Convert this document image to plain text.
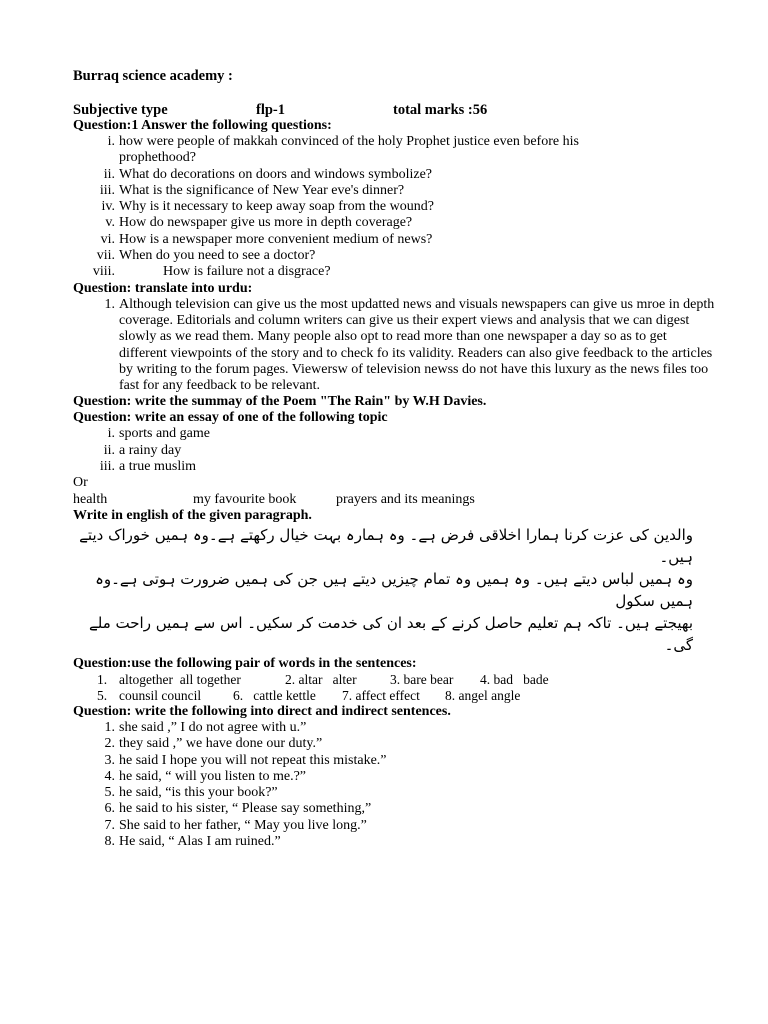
Burraq science academy :

Subjective type	flp-1	total marks :56

Question:1 Answer the following questions:

i. how were people of makkah convinced of the holy Prophet justice even before his prophethood?
ii. What do decorations on doors and windows symbolize?
iii. What is the significance of New Year eve's dinner?
iv. Why is it necessary to keep away soap from the wound?
v. How do newspaper give us more in depth coverage?
vi. How is a newspaper more convenient medium of news?
vii. When do you need to see a doctor?
viii.	How is failure not a disgrace?

Question: translate into urdu:

1. Although television can give us the most updatted news and visuals newspapers can give us mroe in depth coverage. Editorials and column writers can give us their expert views and analysis that we can digest slowly as we read them. Many people also opt to read more than one newspaper a day so as to get different viewpoints of the story and to check fo its validity. Readers can also give feedback to the articles by writing to the forum pages. Viewersw of television newss do not have this luxury as the news files too fast for any feedback to be relevant.

Question: write the summay of the Poem "The Rain" by W.H Davies.

Question: write an essay of one of the following topic

i. sports and game
ii. a rainy day
iii. a true muslim

Or

health	my favourite book	prayers and its meanings

Write in english of the given paragraph.

والدین کی عزت کرنا ہمارا اخلاقی فرض ہے۔ وہ ہمارہ بہت خیال رکھتے ہے۔وہ ہمیں خوراک دیتے ہیں۔
وہ ہمیں لباس دیتے ہیں۔ وہ ہمیں وہ تمام چیزیں دیتے ہیں جن کی ہمیں ضرورت ہوتی ہے۔وہ ہمیں سکول
بھیجتے ہیں۔ تاکہ ہم تعلیم حاصل کرنے کے بعد ان کی خدمت کر سکیں۔ اس سے ہمیں راحت ملے گی۔

Question:use the following pair of words in the sentences:

1. altogether  all together	2. altar   alter 3. bare bear 4. bad   bade
5. counsil council 6.   cattle kettle 7. affect effect 8. angel angle

Question: write the following into direct and indirect sentences.

1. she said ,” I do not agree with u.”
2. they said ,” we have done our duty.”
3. he said I hope you will not repeat this mistake.”
4. he said, “ will you listen to me.?”
5. he said, “is this your book?”
6. he said to his sister, “ Please say something,”
7. She said to her father, “ May you live long.”
8. He said, “ Alas I am ruined.”
